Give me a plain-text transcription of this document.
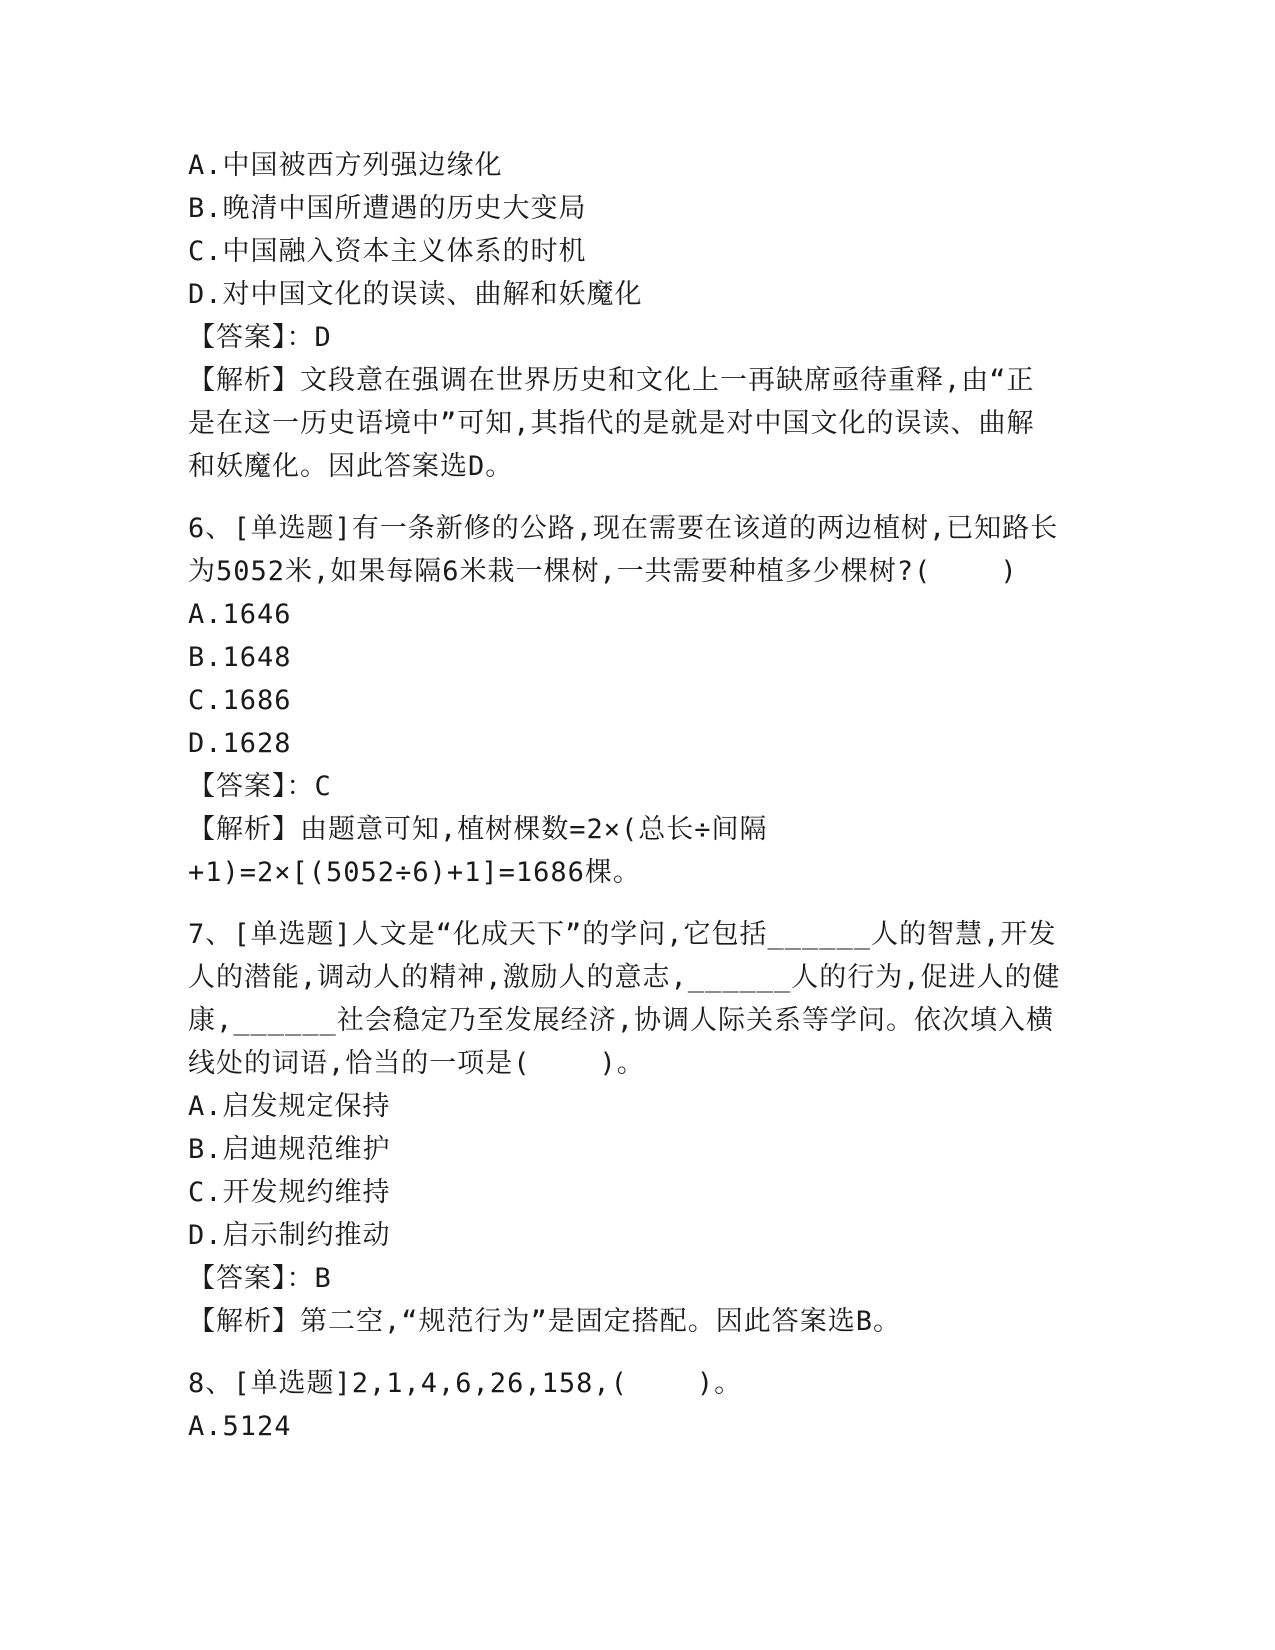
A.中国被西方列强边缘化
B.晚清中国所遭遇的历史大变局
C.中国融入资本主义体系的时机
D.对中国文化的误读、曲解和妖魔化
【答案】：D
【解析】文段意在强调在世界历史和文化上一再缺席亟待重释,由“正
是在这一历史语境中”可知,其指代的是就是对中国文化的误读、曲解
和妖魔化。因此答案选D。
6、[单选题]有一条新修的公路,现在需要在该道的两边植树,已知路长
为5052米,如果每隔6米栽一棵树,一共需要种植多少棵树?(    )
A.1646
B.1648
C.1686
D.1628
【答案】：C
【解析】由题意可知,植树棵数=2×(总长÷间隔
+1)=2×[(5052÷6)+1]=1686棵。
7、[单选题]人文是“化成天下”的学问,它包括______人的智慧,开发
人的潜能,调动人的精神,激励人的意志,______人的行为,促进人的健
康,______社会稳定乃至发展经济,协调人际关系等学问。依次填入横
线处的词语,恰当的一项是(    )。
A.启发规定保持
B.启迪规范维护
C.开发规约维持
D.启示制约推动
【答案】：B
【解析】第二空,“规范行为”是固定搭配。因此答案选B。
8、[单选题]2,1,4,6,26,158,(    )。
A.5124
